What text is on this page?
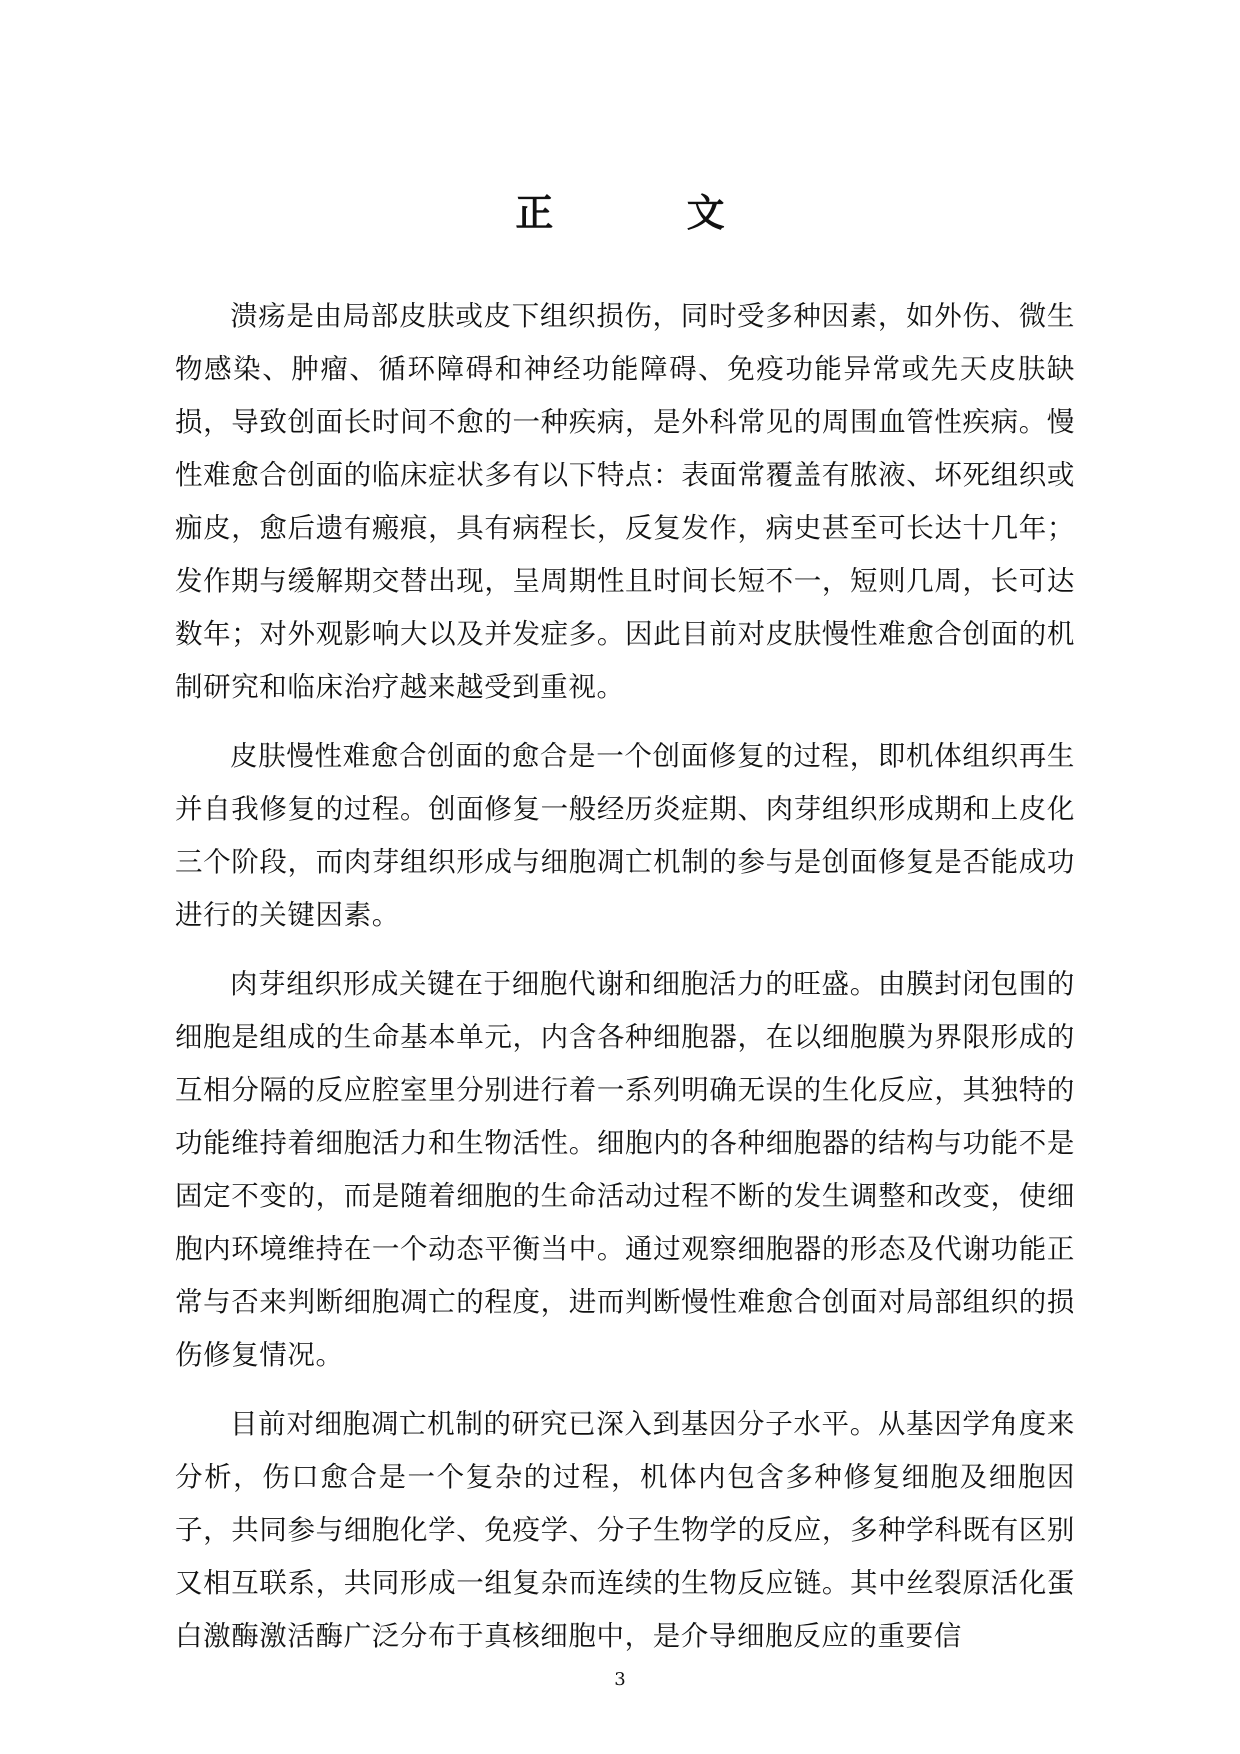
正 文

溃疡是由局部皮肤或皮下组织损伤，同时受多种因素，如外伤、微生物感染、肿瘤、循环障碍和神经功能障碍、免疫功能异常或先天皮肤缺损，导致创面长时间不愈的一种疾病，是外科常见的周围血管性疾病。慢性难愈合创面的临床症状多有以下特点：表面常覆盖有脓液、坏死组织或痂皮，愈后遗有瘢痕，具有病程长，反复发作，病史甚至可长达十几年；发作期与缓解期交替出现，呈周期性且时间长短不一，短则几周，长可达数年；对外观影响大以及并发症多。因此目前对皮肤慢性难愈合创面的机制研究和临床治疗越来越受到重视。

皮肤慢性难愈合创面的愈合是一个创面修复的过程，即机体组织再生并自我修复的过程。创面修复一般经历炎症期、肉芽组织形成期和上皮化三个阶段，而肉芽组织形成与细胞凋亡机制的参与是创面修复是否能成功进行的关键因素。

肉芽组织形成关键在于细胞代谢和细胞活力的旺盛。由膜封闭包围的细胞是组成的生命基本单元，内含各种细胞器，在以细胞膜为界限形成的互相分隔的反应腔室里分别进行着一系列明确无误的生化反应，其独特的功能维持着细胞活力和生物活性。细胞内的各种细胞器的结构与功能不是固定不变的，而是随着细胞的生命活动过程不断的发生调整和改变，使细胞内环境维持在一个动态平衡当中。通过观察细胞器的形态及代谢功能正常与否来判断细胞凋亡的程度，进而判断慢性难愈合创面对局部组织的损伤修复情况。

目前对细胞凋亡机制的研究已深入到基因分子水平。从基因学角度来分析，伤口愈合是一个复杂的过程，机体内包含多种修复细胞及细胞因子，共同参与细胞化学、免疫学、分子生物学的反应，多种学科既有区别又相互联系，共同形成一组复杂而连续的生物反应链。其中丝裂原活化蛋白激酶激活酶广泛分布于真核细胞中，是介导细胞反应的重要信

3
